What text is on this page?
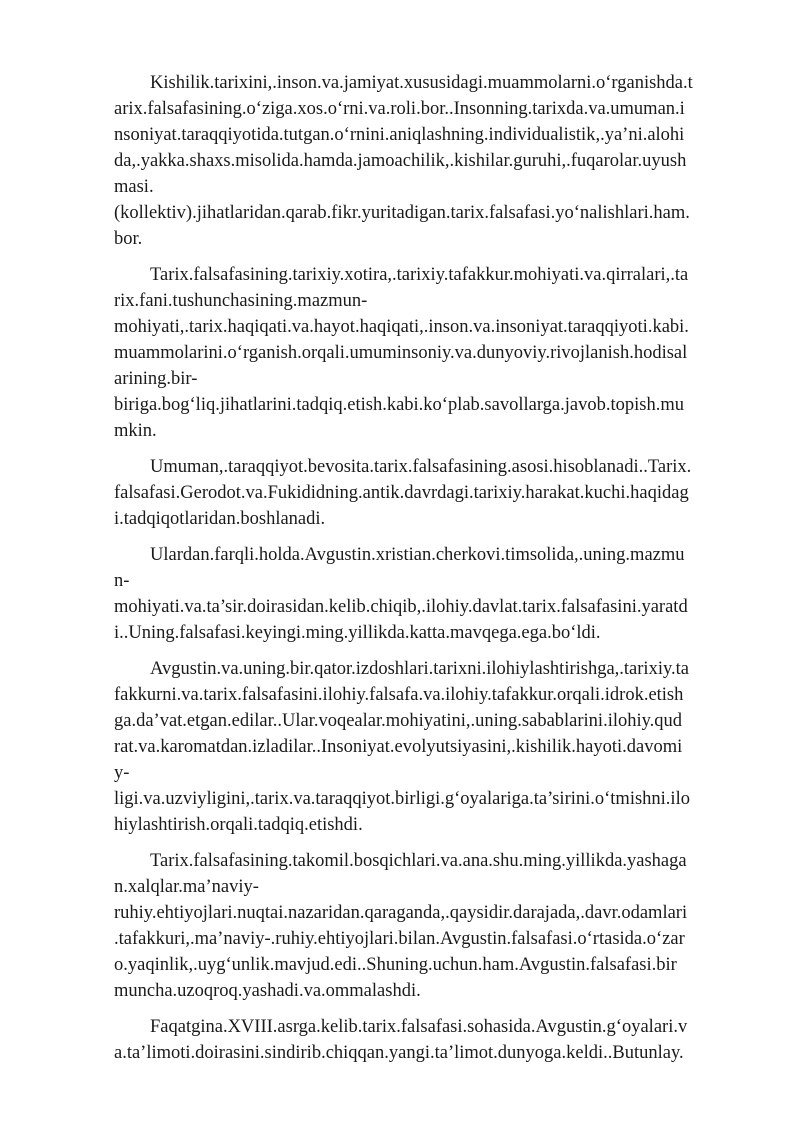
Kishilik.tarixini,.inson.va.jamiyat.xususidagi.muammolarni.o‘rganishda.t
arix.falsafasining.o‘ziga.xos.o‘rni.va.roli.bor..Insonning.tarixda.va.umuman.i
nsoniyat.taraqqiyotida.tutgan.o‘rnini.aniqlashning.individualistik,.ya’ni.alohi
da,.yakka.shaxs.misolida.hamda.jamoachilik,.kishilar.guruhi,.fuqarolar.uyush
masi.
(kollektiv).jihatlaridan.qarab.fikr.yuritadigan.tarix.falsafasi.yo‘nalishlari.ham.
bor.
Tarix.falsafasining.tarixiy.xotira,.tarixiy.tafakkur.mohiyati.va.qirralari,.ta
rix.fani.tushunchasining.mazmun-
mohiyati,.tarix.haqiqati.va.hayot.haqiqati,.inson.va.insoniyat.taraqqiyoti.kabi.
muammolarini.o‘rganish.orqali.umuminsoniy.va.dunyoviy.rivojlanish.hodisal
arining.bir-
biriga.bog‘liq.jihatlarini.tadqiq.etish.kabi.ko‘plab.savollarga.javob.topish.mu
mkin.
Umuman,.taraqqiyot.bevosita.tarix.falsafasining.asosi.hisoblanadi..Tarix.
falsafasi.Gerodot.va.Fukididning.antik.davrdagi.tarixiy.harakat.kuchi.haqidag
i.tadqiqotlaridan.boshlanadi.
Ulardan.farqli.holda.Avgustin.xristian.cherkovi.timsolida,.uning.mazmu
n-
mohiyati.va.ta’sir.doirasidan.kelib.chiqib,.ilohiy.davlat.tarix.falsafasini.yaratd
i..Uning.falsafasi.keyingi.ming.yillikda.katta.mavqega.ega.bo‘ldi.
Avgustin.va.uning.bir.qator.izdoshlari.tarixni.ilohiylashtirishga,.tarixiy.ta
fakkurni.va.tarix.falsafasini.ilohiy.falsafa.va.ilohiy.tafakkur.orqali.idrok.etish
ga.da’vat.etgan.edilar..Ular.voqealar.mohiyatini,.uning.sabablarini.ilohiy.qud
rat.va.karomatdan.izladilar..Insoniyat.evolyutsiyasini,.kishilik.hayoti.davomi
y-
ligi.va.uzviyligini,.tarix.va.taraqqiyot.birligi.g‘oyalariga.ta’sirini.o‘tmishni.ilo
hiylashtirish.orqali.tadqiq.etishdi.
Tarix.falsafasining.takomil.bosqichlari.va.ana.shu.ming.yillikda.yashaga
n.xalqlar.ma’naviy-
ruhiy.ehtiyojlari.nuqtai.nazaridan.qaraganda,.qaysidir.darajada,.davr.odamlari
.tafakkuri,.ma’naviy-.ruhiy.ehtiyojlari.bilan.Avgustin.falsafasi.o‘rtasida.o‘zar
o.yaqinlik,.uyg‘unlik.mavjud.edi..Shuning.uchun.ham.Avgustin.falsafasi.bir
muncha.uzoqroq.yashadi.va.ommalashdi.
Faqatgina.XVIII.asrga.kelib.tarix.falsafasi.sohasida.Avgustin.g‘oyalari.v
a.ta’limoti.doirasini.sindirib.chiqqan.yangi.ta’limot.dunyoga.keldi..Butunlay.
